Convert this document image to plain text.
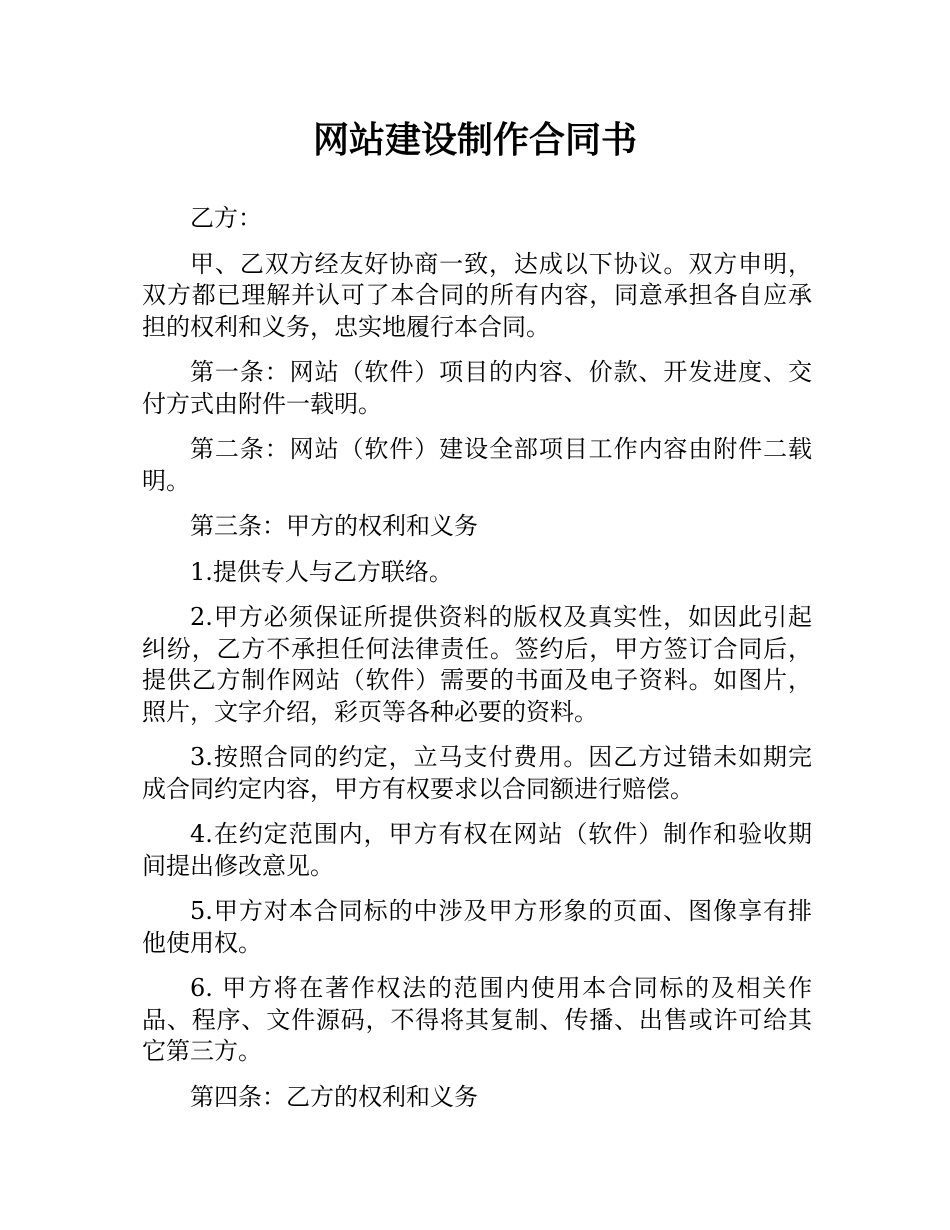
网站建设制作合同书

乙方：

甲、乙双方经友好协商一致，达成以下协议。双方申明，双方都已理解并认可了本合同的所有内容，同意承担各自应承担的权利和义务，忠实地履行本合同。

第一条：网站（软件）项目的内容、价款、开发进度、交付方式由附件一载明。

第二条：网站（软件）建设全部项目工作内容由附件二载明。

第三条：甲方的权利和义务

1.提供专人与乙方联络。

2.甲方必须保证所提供资料的版权及真实性，如因此引起纠纷，乙方不承担任何法律责任。签约后，甲方签订合同后，提供乙方制作网站（软件）需要的书面及电子资料。如图片，照片，文字介绍，彩页等各种必要的资料。

3.按照合同的约定，立马支付费用。因乙方过错未如期完成合同约定内容，甲方有权要求以合同额进行赔偿。

4.在约定范围内，甲方有权在网站（软件）制作和验收期间提出修改意见。

5.甲方对本合同标的中涉及甲方形象的页面、图像享有排他使用权。

6. 甲方将在著作权法的范围内使用本合同标的及相关作品、程序、文件源码，不得将其复制、传播、出售或许可给其它第三方。

第四条：乙方的权利和义务
